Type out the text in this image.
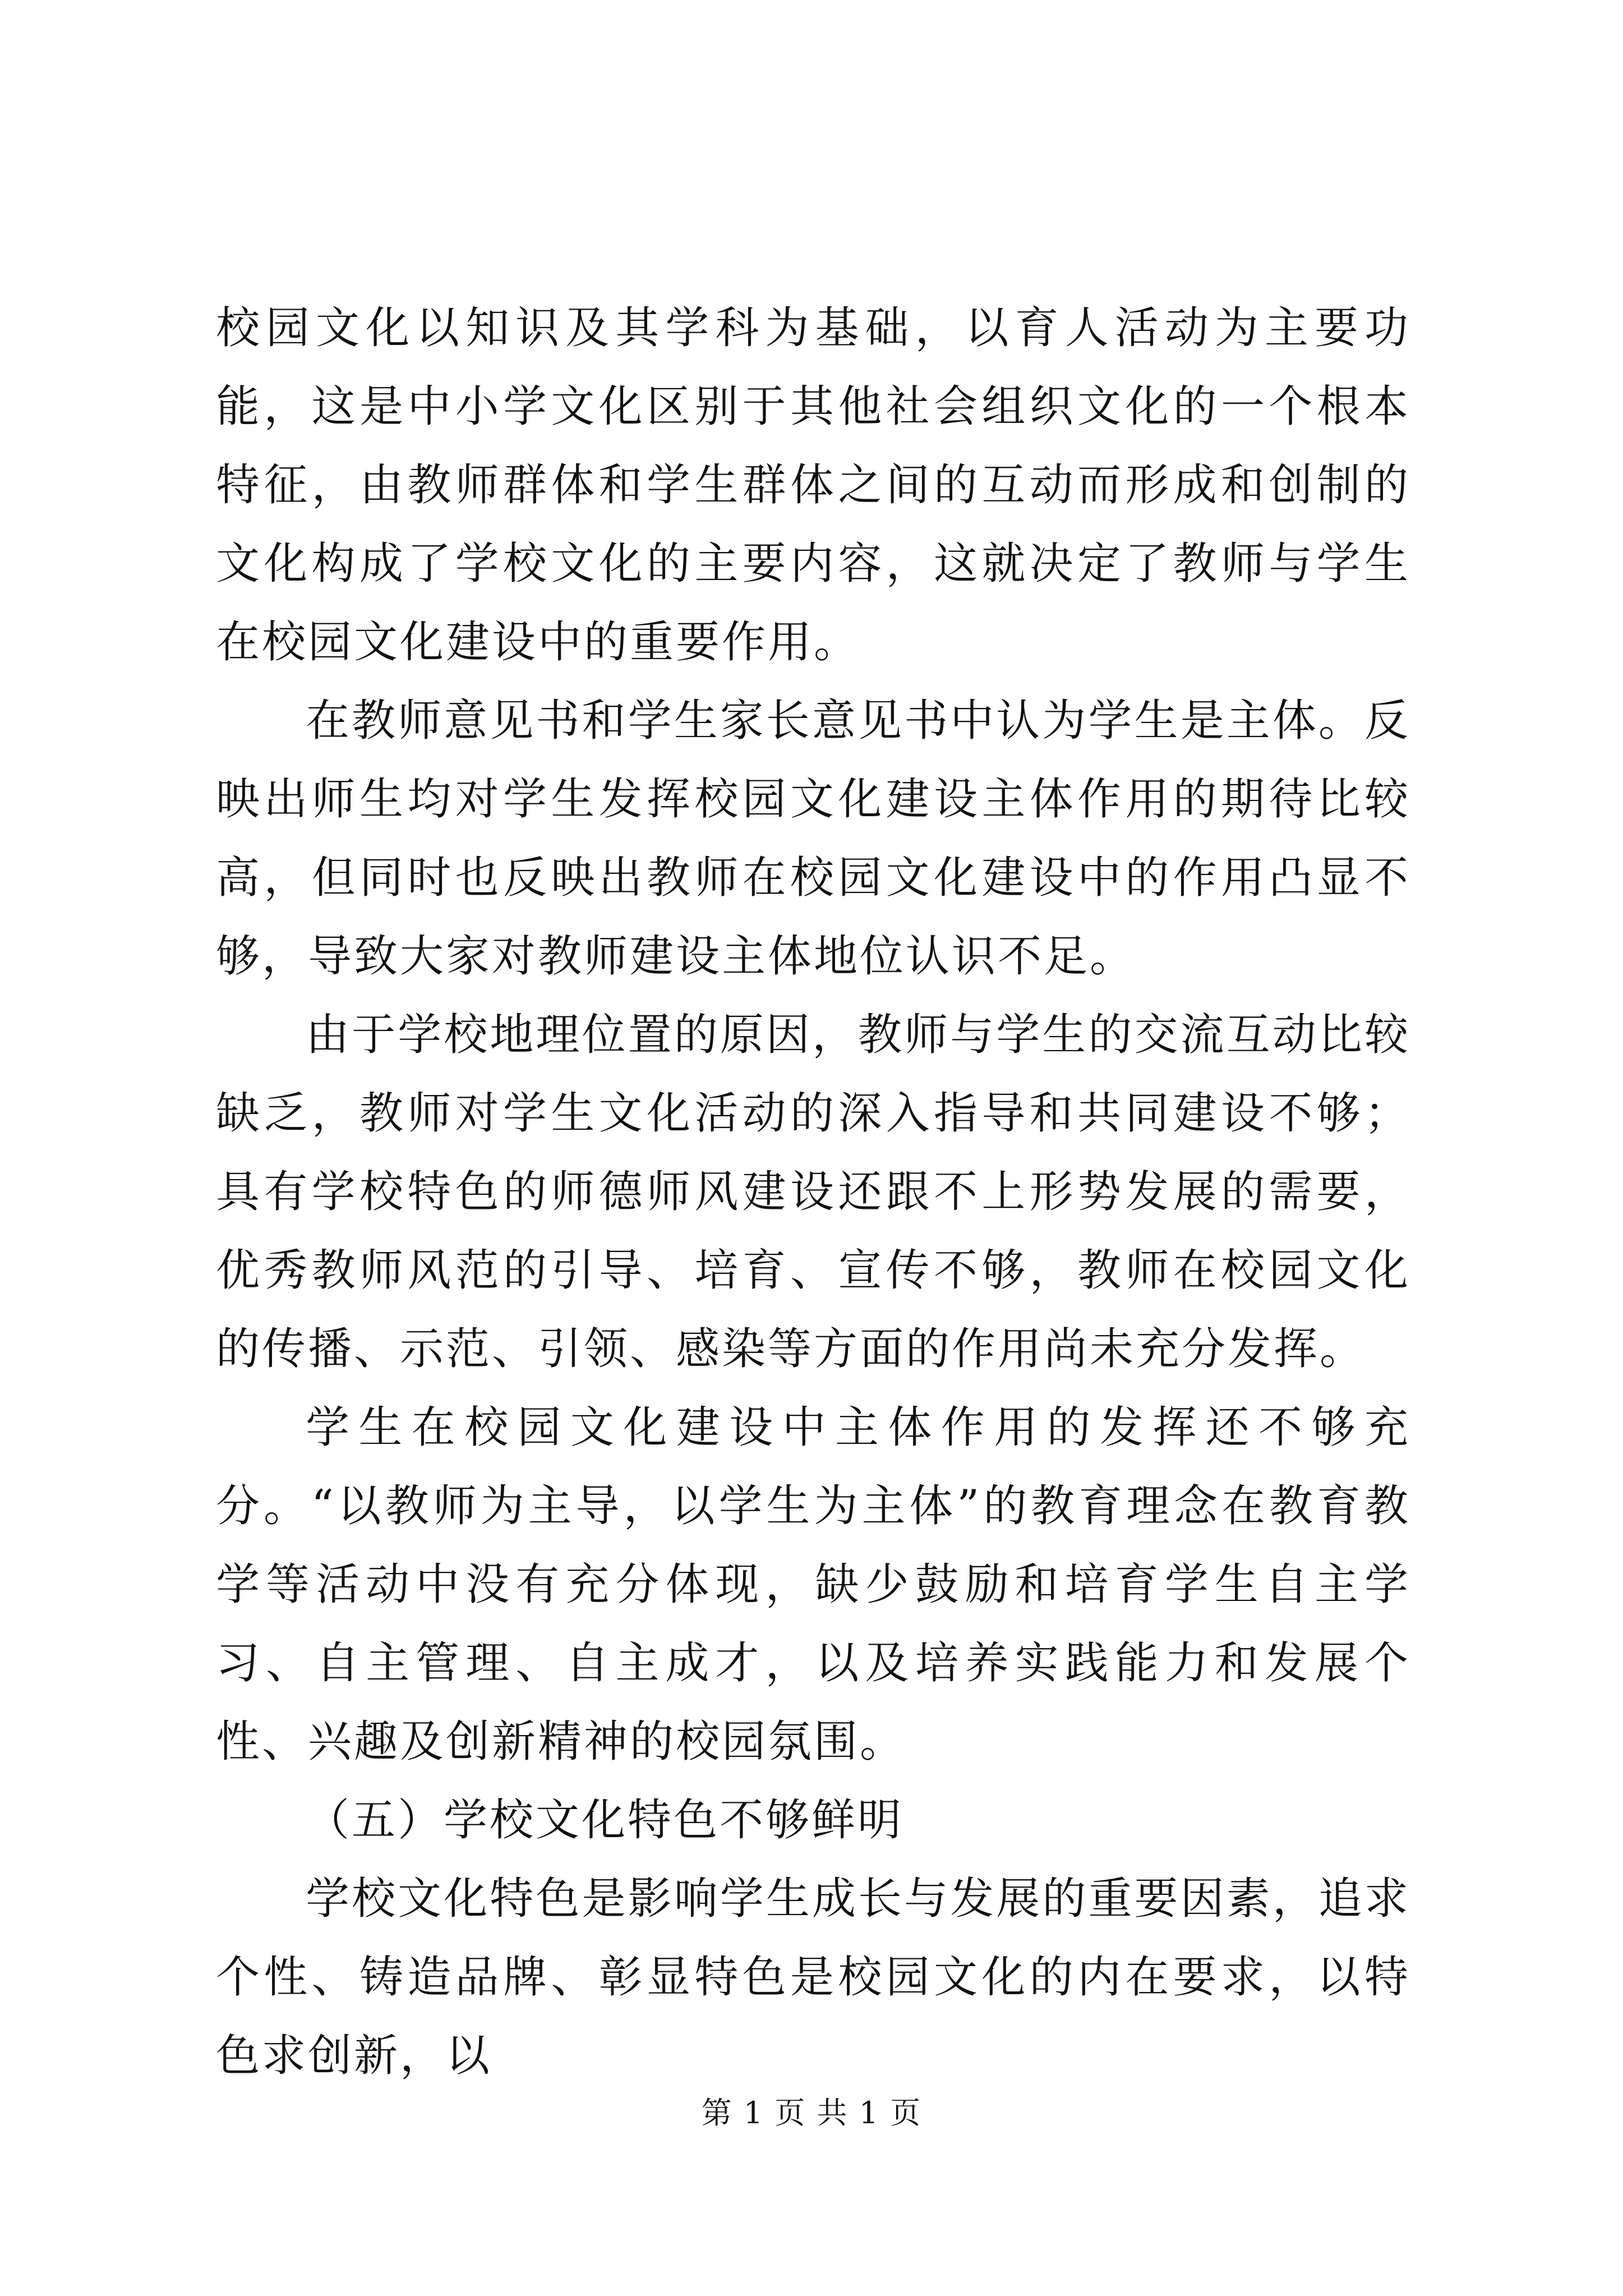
校园文化以知识及其学科为基础，以育人活动为主要功能，这是中小学文化区别于其他社会组织文化的一个根本特征，由教师群体和学生群体之间的互动而形成和创制的文化构成了学校文化的主要内容，这就决定了教师与学生在校园文化建设中的重要作用。

在教师意见书和学生家长意见书中认为学生是主体。反映出师生均对学生发挥校园文化建设主体作用的期待比较高，但同时也反映出教师在校园文化建设中的作用凸显不够，导致大家对教师建设主体地位认识不足。

由于学校地理位置的原因，教师与学生的交流互动比较缺乏，教师对学生文化活动的深入指导和共同建设不够；具有学校特色的师德师风建设还跟不上形势发展的需要，优秀教师风范的引导、培育、宣传不够，教师在校园文化的传播、示范、引领、感染等方面的作用尚未充分发挥。

学生在校园文化建设中主体作用的发挥还不够充分。“以教师为主导，以学生为主体”的教育理念在教育教学等活动中没有充分体现，缺少鼓励和培育学生自主学习、自主管理、自主成才，以及培养实践能力和发展个性、兴趣及创新精神的校园氛围。

（五）学校文化特色不够鲜明

学校文化特色是影响学生成长与发展的重要因素，追求个性、铸造品牌、彰显特色是校园文化的内在要求，以特色求创新，以

第 1 页 共 1 页
